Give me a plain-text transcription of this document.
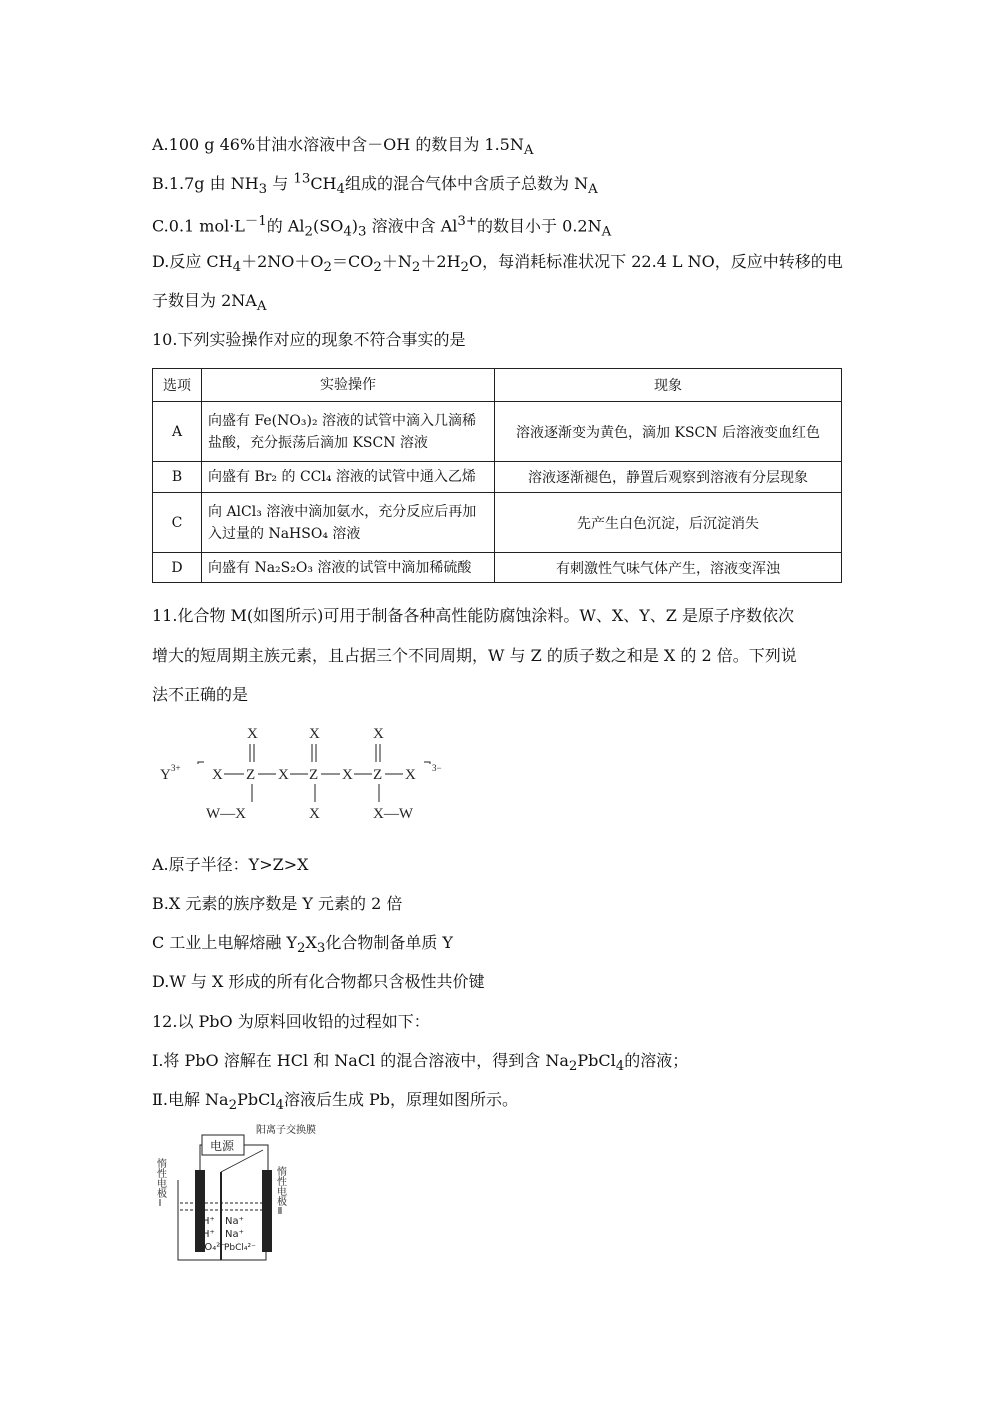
A.100 g 46%甘油水溶液中含－OH 的数目为 $1.5N_A$
B.1.7g 由 $NH_3$ 与 $^{13}CH_4$组成的混合气体中含质子总数为 $N_A$
C.0.1 $mol\cdot L^{-1}$的 $Al_2(SO_4)_3$ 溶液中含 $Al^{3+}$的数目小于 $0.2N_A$
D.反应 $CH_4+2NO+O_2=CO_2+N_2+2H_2O$，每消耗标准状况下 22.4 L NO，反应中转移的电
子数目为 $2NA_A$
10.下列实验操作对应的现象不符合事实的是
选项	实验操作	现象
A	向盛有 Fe(NO₃)₂ 溶液的试管中滴入几滴稀盐酸，充分振荡后滴加 KSCN 溶液	溶液逐渐变为黄色，滴加 KSCN 后溶液变血红色
B	向盛有 Br₂ 的 CCl₄ 溶液的试管中通入乙烯	溶液逐渐褪色，静置后观察到溶液有分层现象
C	向 AlCl₃ 溶液中滴加氨水，充分反应后再加入过量的 NaHSO₄ 溶液	先产生白色沉淀，后沉淀消失
D	向盛有 Na₂S₂O₃ 溶液的试管中滴加稀硫酸	有刺激性气味气体产生，溶液变浑浊
11.化合物 M(如图所示)可用于制备各种高性能防腐蚀涂料。W、X、Y、Z 是原子序数依次
增大的短周期主族元素，且占据三个不同周期，W 与 Z 的质子数之和是 X 的 2 倍。下列说
法不正确的是
Y 3+
X	X	X
X Z X Z X Z X 3−
W—X	X	X—W
A.原子半径：Y>Z>X
B.X 元素的族序数是 Y 元素的 2 倍
C 工业上电解熔融 $Y_2X_3$化合物制备单质 Y
D.W 与 X 形成的所有化合物都只含极性共价键
12.以 PbO 为原料回收铅的过程如下：
Ⅰ.将 PbO 溶解在 HCl 和 NaCl 的混合溶液中，得到含 $Na_2PbCl_4$的溶液；
Ⅱ.电解 $Na_2PbCl_4$溶液后生成 Pb，原理如图所示。
电源
阳离子交换膜
惰性电极Ⅰ	惰性电极Ⅱ
H⁺
H⁺
SO₄²⁻
Na⁺
Na⁺
PbCl₄²⁻
